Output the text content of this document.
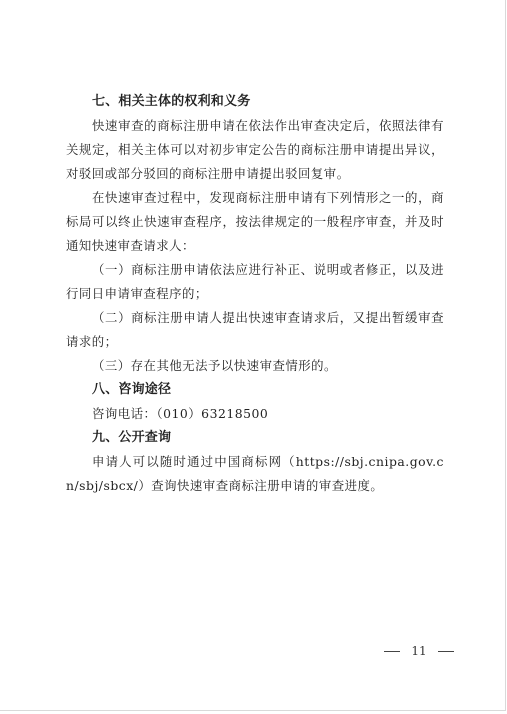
七、相关主体的权利和义务

快速审查的商标注册申请在依法作出审查决定后，依照法律有关规定，相关主体可以对初步审定公告的商标注册申请提出异议，对驳回或部分驳回的商标注册申请提出驳回复审。

在快速审查过程中，发现商标注册申请有下列情形之一的，商标局可以终止快速审查程序，按法律规定的一般程序审查，并及时通知快速审查请求人：

（一）商标注册申请依法应进行补正、说明或者修正，以及进行同日申请审查程序的；

（二）商标注册申请人提出快速审查请求后，又提出暂缓审查请求的；

（三）存在其他无法予以快速审查情形的。

八、咨询途径

咨询电话：（010）63218500

九、公开查询

申请人可以随时通过中国商标网（https://sbj.cnipa.gov.cn/sbj/sbcx/）查询快速审查商标注册申请的审查进度。

11
